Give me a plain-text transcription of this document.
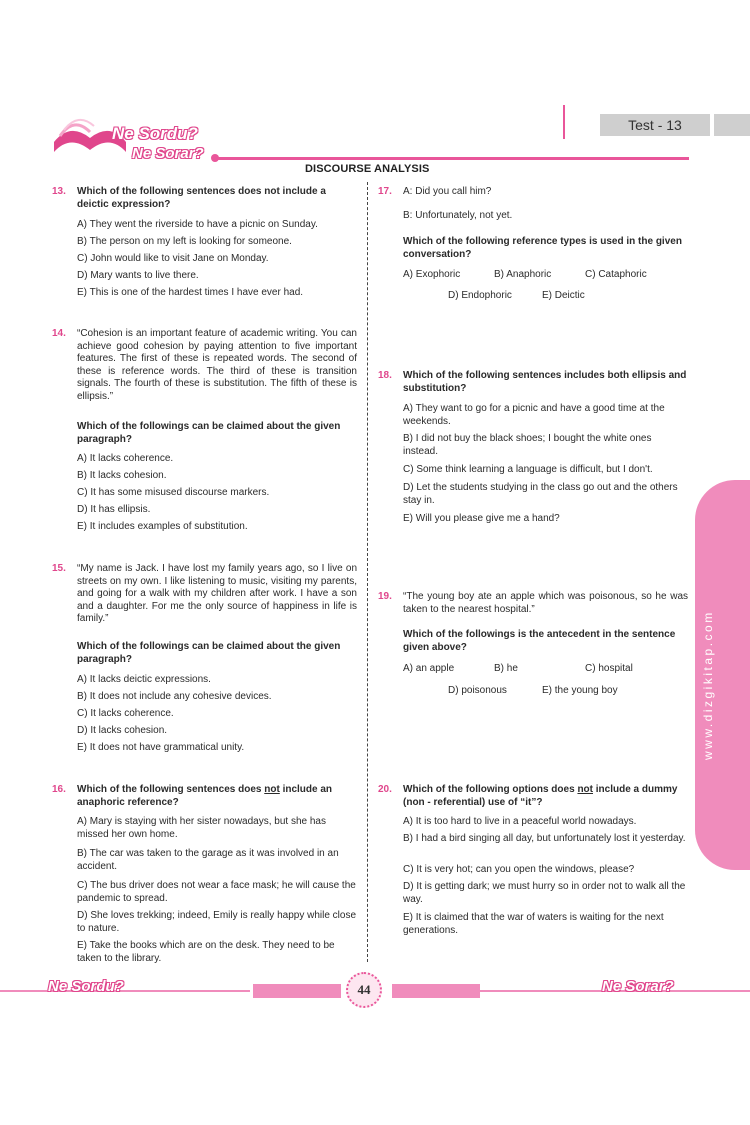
Ne Sordu?
Ne Sorar?
Test - 13
DISCOURSE ANALYSIS
13. Which of the following sentences does not include a deictic expression?
A) They went the riverside to have a picnic on Sunday.
B) The person on my left is looking for someone.
C) John would like to visit Jane on Monday.
D) Mary wants to live there.
E) This is one of the hardest times I have ever had.
14. “Cohesion is an important feature of academic writing. You can achieve good cohesion by paying attention to five important features. The first of these is repeated words. The second of these is reference words. The third of these is transition signals. The fourth of these is substitution. The fifth of these is ellipsis.”
Which of the followings can be claimed about the given paragraph?
A) It lacks coherence.
B) It lacks cohesion.
C) It has some misused discourse markers.
D) It has ellipsis.
E) It includes examples of substitution.
15. “My name is Jack. I have lost my family years ago, so I live on streets on my own. I like listening to music, visiting my parents, and going for a walk with my children after work. I have a son and a daughter. For me the only source of happiness in life is family.”
Which of the followings can be claimed about the given paragraph?
A) It lacks deictic expressions.
B) It does not include any cohesive devices.
C) It lacks coherence.
D) It lacks cohesion.
E) It does not have grammatical unity.
16. Which of the following sentences does not include an anaphoric reference?
A) Mary is staying with her sister nowadays, but she has missed her own home.
B) The car was taken to the garage as it was involved in an accident.
C) The bus driver does not wear a face mask; he will cause the pandemic to spread.
D) She loves trekking; indeed, Emily is really happy while close to nature.
E) Take the books which are on the desk. They need to be taken to the library.
17. A: Did you call him?
B: Unfortunately, not yet.
Which of the following reference types is used in the given conversation?
A) Exophoric	B) Anaphoric	C) Cataphoric
D) Endophoric	E) Deictic
18. Which of the following sentences includes both ellipsis and substitution?
A) They want to go for a picnic and have a good time at the weekends.
B) I did not buy the black shoes; I bought the white ones instead.
C) Some think learning a language is difficult, but I don't.
D) Let the students studying in the class go out and the others stay in.
E) Will you please give me a hand?
19. “The young boy ate an apple which was poisonous, so he was taken to the nearest hospital.”
Which of the followings is the antecedent in the sentence given above?
A) an apple	B) he	C) hospital
D) poisonous	E) the young boy
20. Which of the following options does not include a dummy (non - referential) use of “it”?
A) It is too hard to live in a peaceful world nowadays.
B) I had a bird singing all day, but unfortunately lost it yesterday.
C) It is very hot; can you open the windows, please?
D) It is getting dark; we must hurry so in order not to walk all the way.
E) It is claimed that the war of waters is waiting for the next generations.
www.dizgikitap.com
Ne Sordu?	Ne Sorar?
44
